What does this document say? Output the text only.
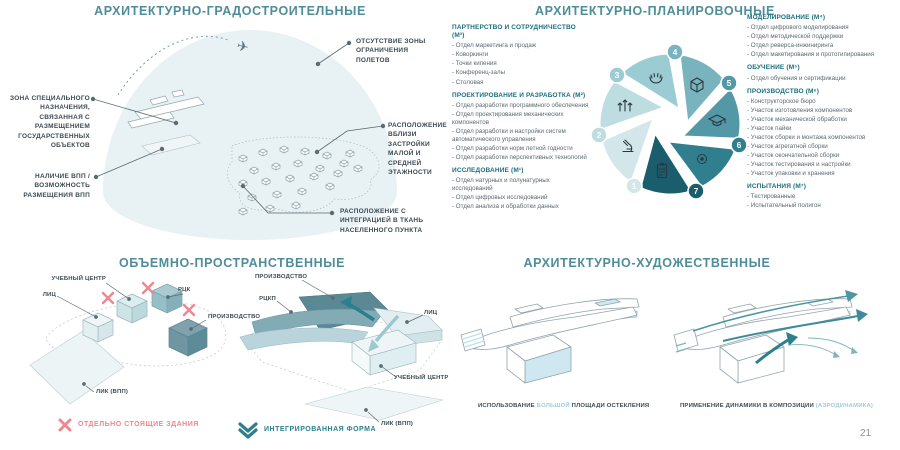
АРХИТЕКТУРНО-ГРАДОСТРОИТЕЛЬНЫЕ
✈	ОТСУТСТВИЕ ЗОНЫ ОГРАНИЧЕНИЯ ПОЛЕТОВ
ЗОНА СПЕЦИАЛЬНОГО НАЗНАЧЕНИЯ, СВЯЗАННАЯ С РАЗМЕЩЕНИЕМ ГОСУДАРСТВЕННЫХ ОБЪЕКТОВ
НАЛИЧИЕ ВПП / ВОЗМОЖНОСТЬ РАЗМЕЩЕНИЯ ВПП
РАСПОЛОЖЕНИЕ ВБЛИЗИ ЗАСТРОЙКИ МАЛОЙ И СРЕДНЕЙ ЭТАЖНОСТИ
РАСПОЛОЖЕНИЕ С ИНТЕГРАЦИЕЙ В ТКАНЬ НАСЕЛЕННОГО ПУНКТА
АРХИТЕКТУРНО-ПЛАНИРОВОЧНЫЕ
ПАРТНЕРСТВО И СОТРУДНИЧЕСТВО (М³)
- Отдел маркетинга и продаж
- Коворкинги
- Точки кипения
- Конференц-залы
- Столовая
ПРОЕКТИРОВАНИЕ И РАЗРАБОТКА (М²)
- Отдел разработки программного обеспечения
- Отдел проектирования механических компонентов
- Отдел разработки и настройки систем автоматического управления
- Отдел разработки норм летной годности
- Отдел разработки перспективных технологий
ИССЛЕДОВАНИЕ (М¹)
- Отдел натурных и полунатурных исследований
- Отдел цифровых исследований
- Отдел анализа и обработки данных
МОДЕЛИРОВАНИЕ (М⁴)
- Отдел цифрового моделирования
- Отдел методической поддержки
- Отдел реверса-инжиниринга
- Отдел макетирования и прототипирования
ОБУЧЕНИЕ (М⁵)
- Отдел обучения и сертификации
ПРОИЗВОДСТВО (М⁶)
- Конструкторское бюро
- Участок изготовления компонентов
- Участок механической обработки
- Участок пайки
- Участок сборки и монтажа компонентов
- Участок агрегатной сборки
- Участок окончательной сборки
- Участок тестирования и настройки
- Участок упаковки и хранения
ИСПЫТАНИЯ (М⁷)
- Тестированные
- Испытательный полигон
1
2
3
4
5
6
7
ОБЪЕМНО-ПРОСТРАНСТВЕННЫЕ
УЧЕБНЫЙ ЦЕНТР
ЛИЦ
РЦК
ПРОИЗВОДСТВО
ЛИК (ВПП)
ПРОИЗВОДСТВО
РЦКП
ЛИЦ
УЧЕБНЫЙ ЦЕНТР
ЛИК (ВПП)
ОТДЕЛЬНО СТОЯЩИЕ ЗДАНИЯ
ИНТЕГРИРОВАННАЯ ФОРМА
АРХИТЕКТУРНО-ХУДОЖЕСТВЕННЫЕ
ИСПОЛЬЗОВАНИЕ БОЛЬШОЙ ПЛОЩАДИ ОСТЕКЛЕНИЯ	ПРИМЕНЕНИЕ ДИНАМИКИ В КОМПОЗИЦИИ (АЭРОДИНАМИКА)
21
